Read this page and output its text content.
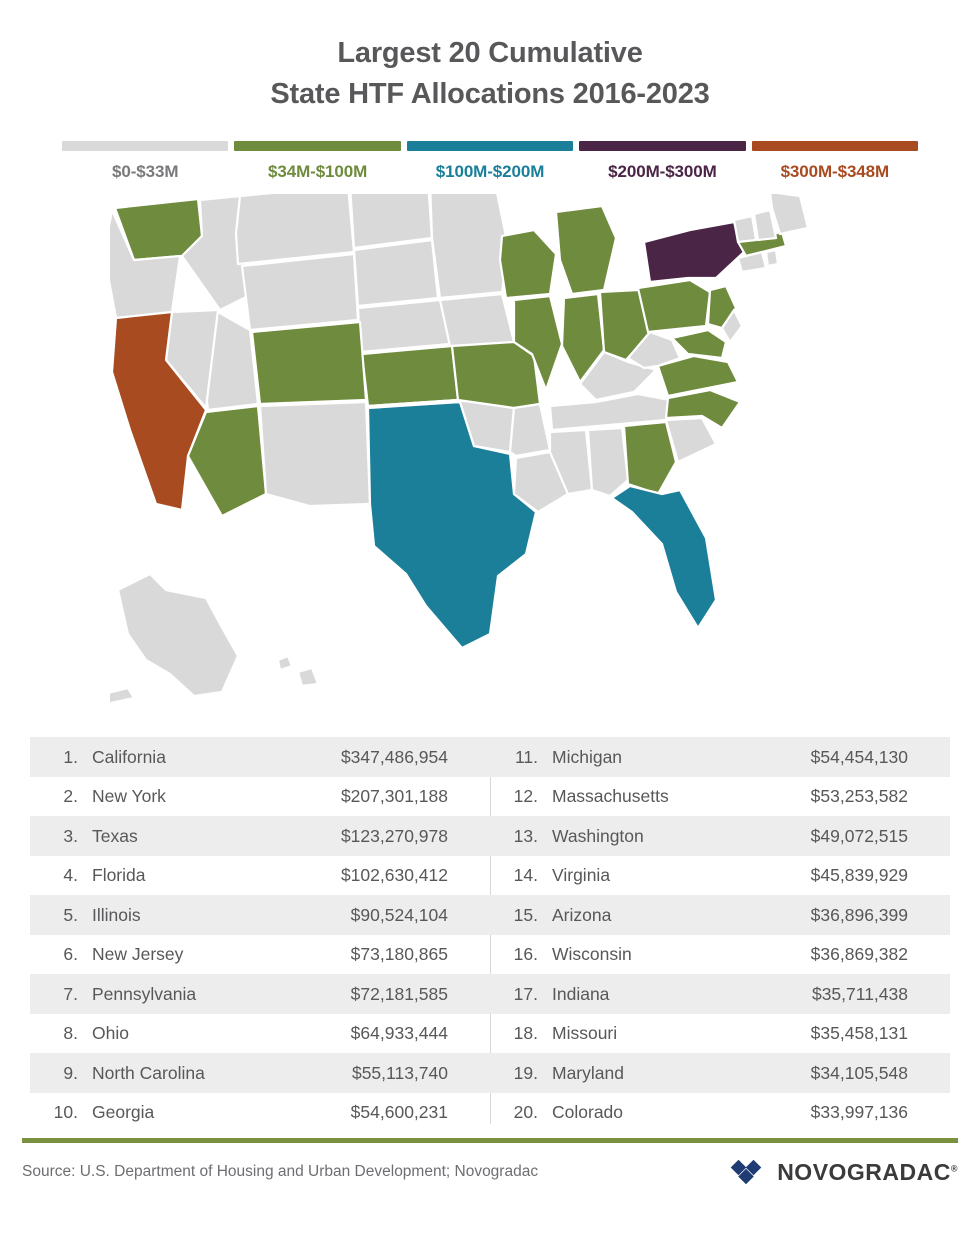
Largest 20 Cumulative
State HTF Allocations 2016-2023
$0-$33M	$34M-$100M	$100M-$200M	$200M-$300M	$300M-$348M
1. California	$347,486,954
2. New York	$207,301,188
3. Texas	$123,270,978
4. Florida	$102,630,412
5. Illinois	$90,524,104
6. New Jersey	$73,180,865
7. Pennsylvania	$72,181,585
8. Ohio	$64,933,444
9. North Carolina	$55,113,740
10. Georgia	$54,600,231
11. Michigan	$54,454,130
12. Massachusetts	$53,253,582
13. Washington	$49,072,515
14. Virginia	$45,839,929
15. Arizona	$36,896,399
16. Wisconsin	$36,869,382
17. Indiana	$35,711,438
18. Missouri	$35,458,131
19. Maryland	$34,105,548
20. Colorado	$33,997,136
Source: U.S. Department of Housing and Urban Development; Novogradac	NOVOGRADAC®
